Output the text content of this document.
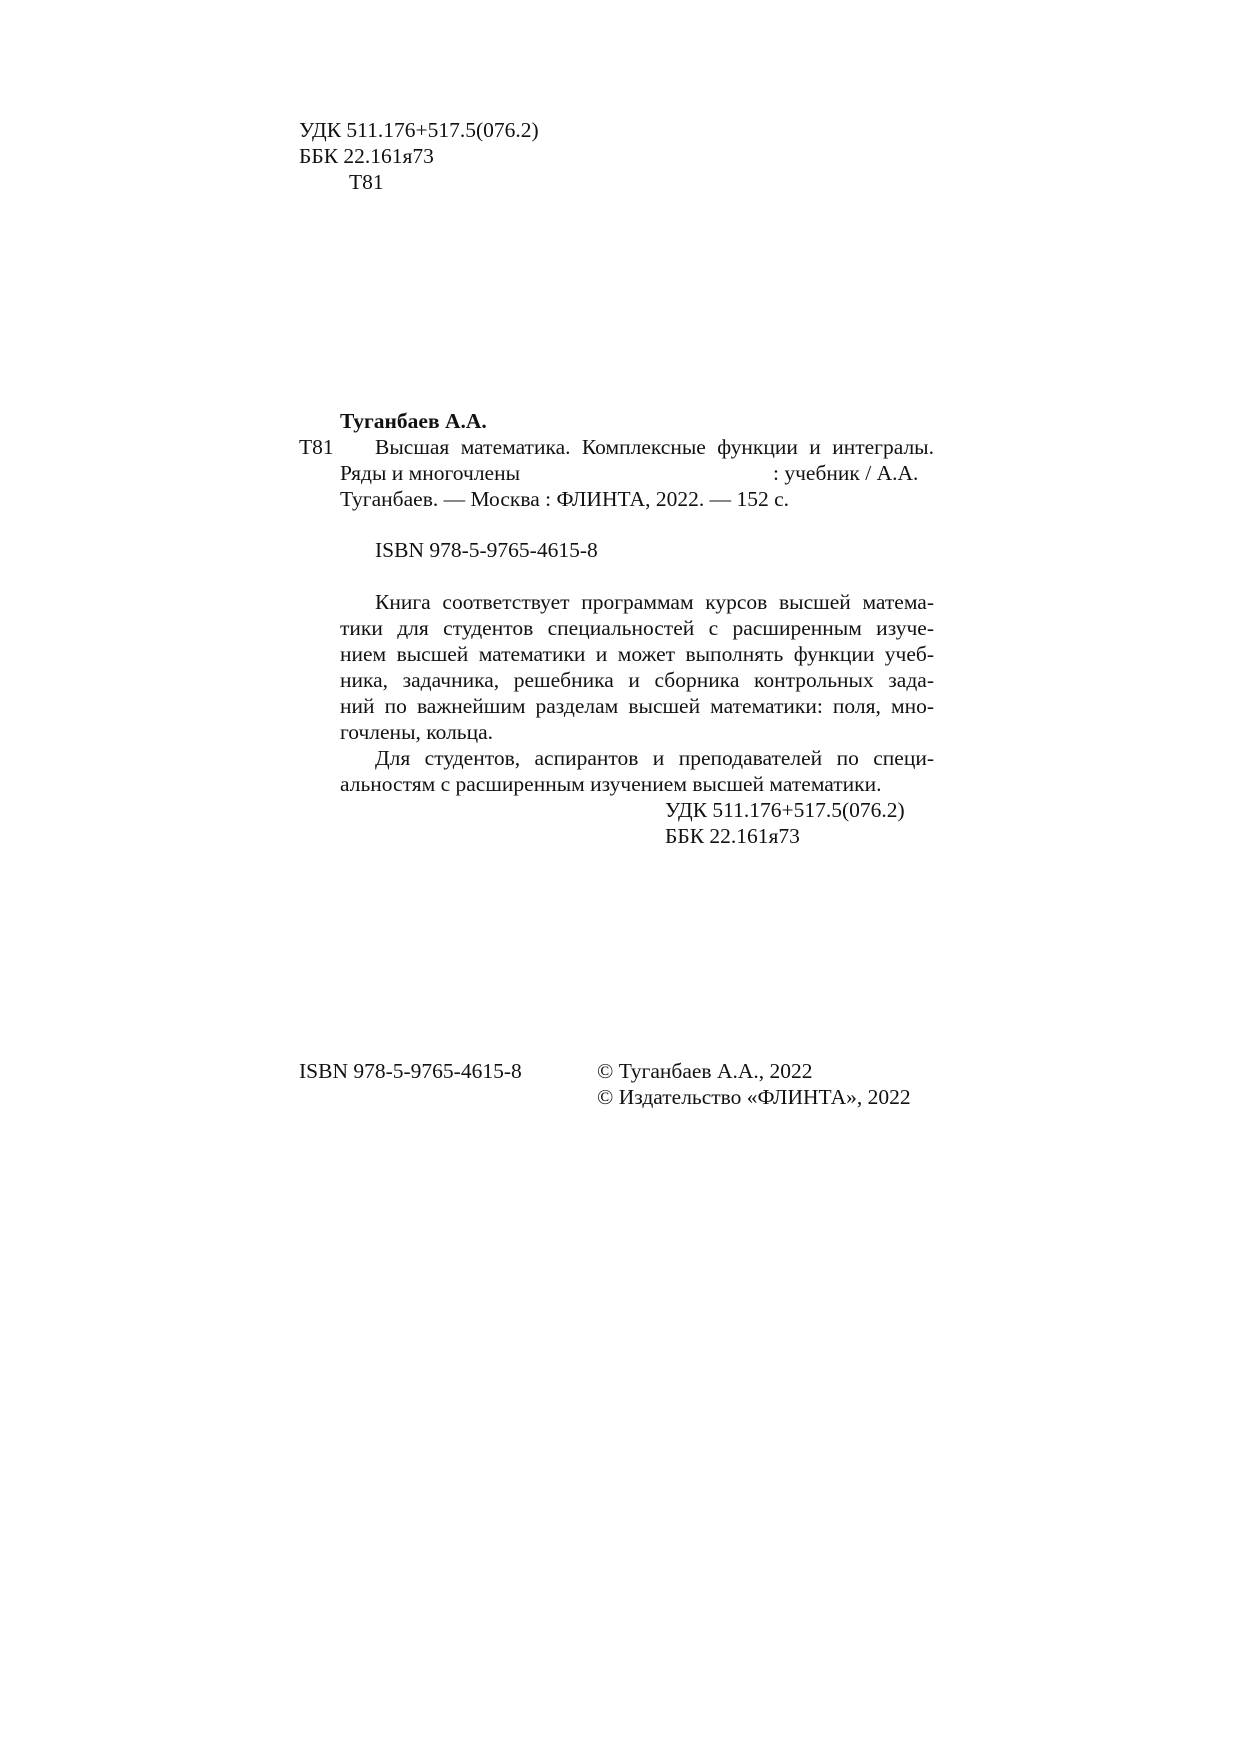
УДК 511.176+517.5(076.2)
ББК 22.161я73
Т81
Туганбаев А.А.
Т81 Высшая математика. Комплексные функции и интегралы.
Ряды и многочлены	: учебник / А.А.
Туганбаев. — Москва : ФЛИНТА, 2022. — 152 с.
ISBN 978-5-9765-4615-8
Книга соответствует программам курсов высшей матема-
тики для студентов специальностей с расширенным изуче-
нием высшей математики и может выполнять функции учеб-
ника, задачника, решебника и сборника контрольных зада-
ний по важнейшим разделам высшей математики: поля, мно-
гочлены, кольца.
Для студентов, аспирантов и преподавателей по специ-
альностям с расширенным изучением высшей математики.
УДК 511.176+517.5(076.2)
ББК 22.161я73
ISBN 978-5-9765-4615-8	© Туганбаев А.А., 2022
© Издательство «ФЛИНТА», 2022
